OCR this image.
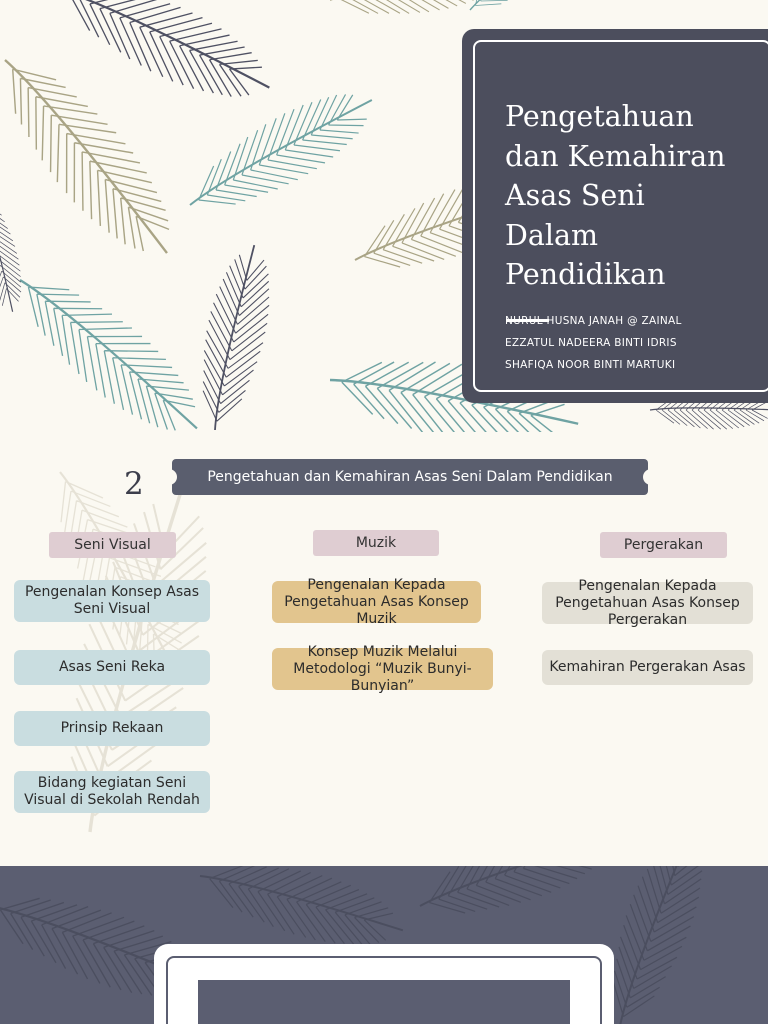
Pengetahuan
dan Kemahiran
Asas Seni
Dalam
Pendidikan
NURUL HUSNA JANAH @ ZAINAL
EZZATUL NADEERA BINTI IDRIS
SHAFIQA NOOR BINTI MARTUKI
2	Pengetahuan dan Kemahiran Asas Seni Dalam Pendidikan
Seni Visual
Pengenalan Konsep Asas Seni Visual
Asas Seni Reka
Prinsip Rekaan
Bidang kegiatan Seni Visual di Sekolah Rendah
Muzik
Pengenalan Kepada Pengetahuan Asas Konsep Muzik
Konsep Muzik Melalui Metodologi “Muzik Bunyi-Bunyian”
Pergerakan
Pengenalan Kepada Pengetahuan Asas Konsep Pergerakan
Kemahiran Pergerakan Asas
